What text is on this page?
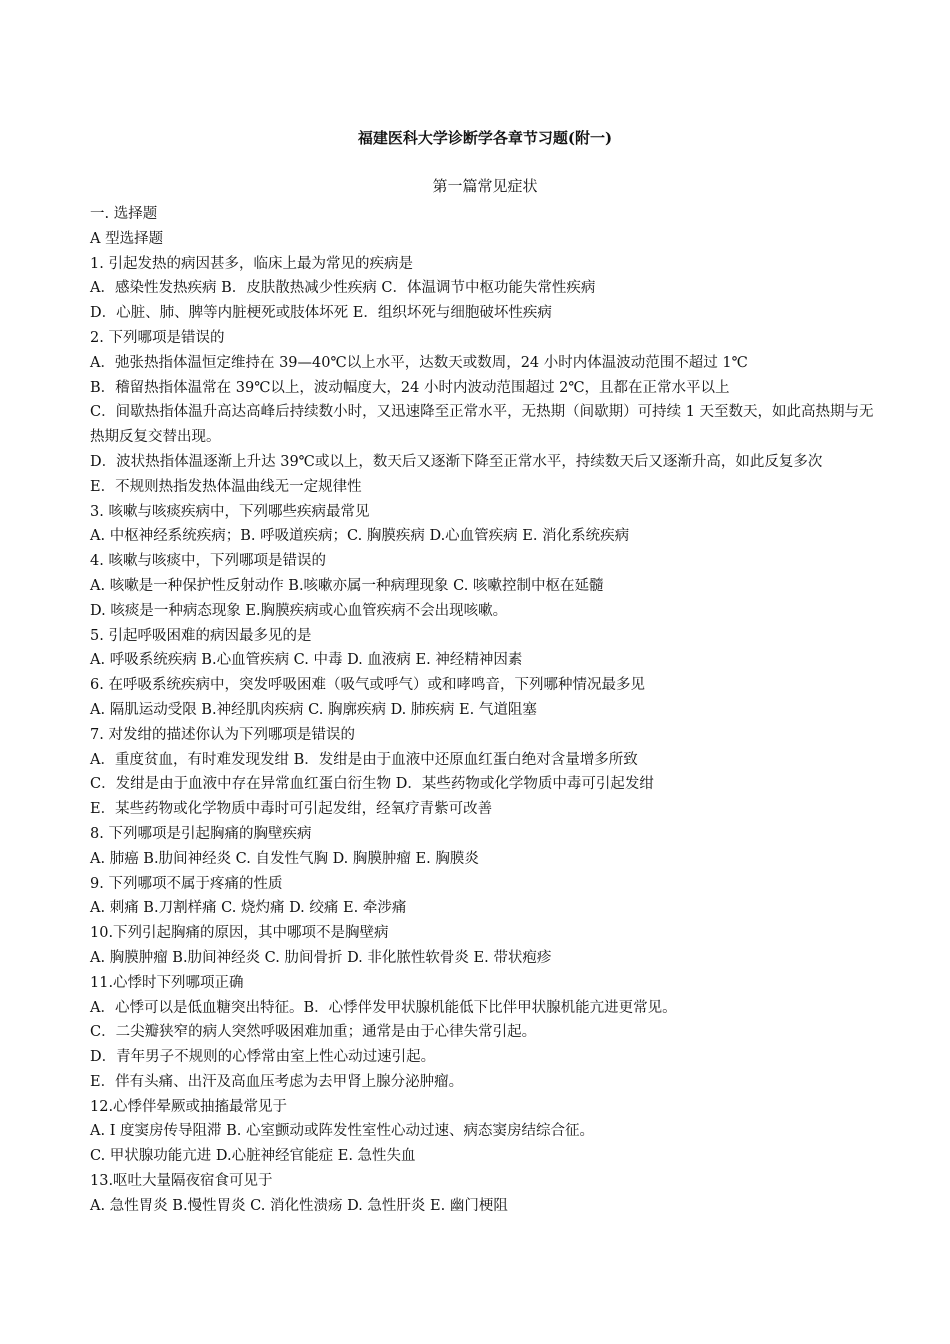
福建医科大学诊断学各章节习题(附一)
第一篇常见症状
一. 选择题
A 型选择题
1. 引起发热的病因甚多，临床上最为常见的疾病是
A．感染性发热疾病 B．皮肤散热减少性疾病 C．体温调节中枢功能失常性疾病
D．心脏、肺、脾等内脏梗死或肢体坏死 E．组织坏死与细胞破坏性疾病
2. 下列哪项是错误的
A．弛张热指体温恒定维持在 39—40℃以上水平，达数天或数周，24 小时内体温波动范围不超过 1℃
B．稽留热指体温常在 39℃以上，波动幅度大，24 小时内波动范围超过 2℃，且都在正常水平以上
C．间歇热指体温升高达高峰后持续数小时，又迅速降至正常水平，无热期（间歇期）可持续 1 天至数天，如此高热期与无热期反复交替出现。
D．波状热指体温逐渐上升达 39℃或以上，数天后又逐渐下降至正常水平，持续数天后又逐渐升高，如此反复多次
E．不规则热指发热体温曲线无一定规律性
3. 咳嗽与咳痰疾病中，下列哪些疾病最常见
A. 中枢神经系统疾病；B. 呼吸道疾病；C. 胸膜疾病 D.心血管疾病 E. 消化系统疾病
4. 咳嗽与咳痰中，下列哪项是错误的
A. 咳嗽是一种保护性反射动作 B.咳嗽亦属一种病理现象 C. 咳嗽控制中枢在延髓
D. 咳痰是一种病态现象 E.胸膜疾病或心血管疾病不会出现咳嗽。
5. 引起呼吸困难的病因最多见的是
A. 呼吸系统疾病 B.心血管疾病 C. 中毒 D. 血液病 E. 神经精神因素
6. 在呼吸系统疾病中，突发呼吸困难（吸气或呼气）或和哮鸣音，下列哪种情况最多见
A. 隔肌运动受限 B.神经肌肉疾病 C. 胸廓疾病 D. 肺疾病 E. 气道阻塞
7. 对发绀的描述你认为下列哪项是错误的
A．重度贫血，有时难发现发绀 B．发绀是由于血液中还原血红蛋白绝对含量增多所致
C．发绀是由于血液中存在异常血红蛋白衍生物 D．某些药物或化学物质中毒可引起发绀
E．某些药物或化学物质中毒时可引起发绀，经氧疗青紫可改善
8. 下列哪项是引起胸痛的胸壁疾病
A. 肺癌 B.肋间神经炎 C. 自发性气胸 D. 胸膜肿瘤 E. 胸膜炎
9. 下列哪项不属于疼痛的性质
A. 刺痛 B.刀割样痛 C. 烧灼痛 D. 绞痛 E. 牵涉痛
10.下列引起胸痛的原因，其中哪项不是胸壁病
A. 胸膜肿瘤 B.肋间神经炎 C. 肋间骨折 D. 非化脓性软骨炎 E. 带状疱疹
11.心悸时下列哪项正确
A．心悸可以是低血糖突出特征。B．心悸伴发甲状腺机能低下比伴甲状腺机能亢进更常见。
C．二尖瓣狭窄的病人突然呼吸困难加重；通常是由于心律失常引起。
D．青年男子不规则的心悸常由室上性心动过速引起。
E．伴有头痛、出汗及高血压考虑为去甲肾上腺分泌肿瘤。
12.心悸伴晕厥或抽搐最常见于
A. I 度窦房传导阻滞 B. 心室颤动或阵发性室性心动过速、病态窦房结综合征。
C. 甲状腺功能亢进 D.心脏神经官能症 E. 急性失血
13.呕吐大量隔夜宿食可见于
A. 急性胃炎 B.慢性胃炎 C. 消化性溃疡 D. 急性肝炎 E. 幽门梗阻
